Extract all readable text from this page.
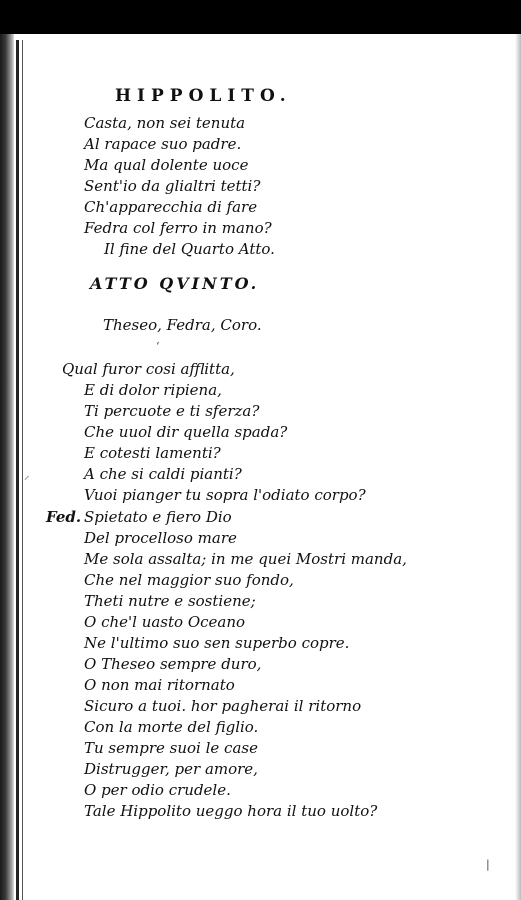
HIPPOLITO.
Casta, non sei tenuta
Al rapace suo padre.
Ma qual dolente uoce
Sent'io da glialtri tetti?
Ch'apparecchia di fare
Fedra col ferro in mano?
Il fine del Quarto Atto.
ATTO QVINTO.
Theseo, Fedra, Coro.
‘
Qual furor cosi afflitta,
E di dolor ripiena,
Ti percuote e ti sferza?
Che uuol dir quella spada?
E cotesti lamenti?
A che si caldi pianti?
Vuoi pianger tu sopra l'odiato corpo?
Fed. Spietato e fiero Dio
Del procelloso mare
Me sola assalta; in me quei Mostri manda,
Che nel maggior suo fondo,
Theti nutre e sostiene;
O che'l uasto Oceano
Ne l'ultimo suo sen superbo copre.
O Theseo sempre duro,
O non mai ritornato
Sicuro a tuoi. hor pagherai il ritorno
Con la morte del figlio.
Tu sempre suoi le case
Distrugger, per amore,
O per odio crudele.
Tale Hippolito ueggo hora il tuo uolto?
|
⸝
